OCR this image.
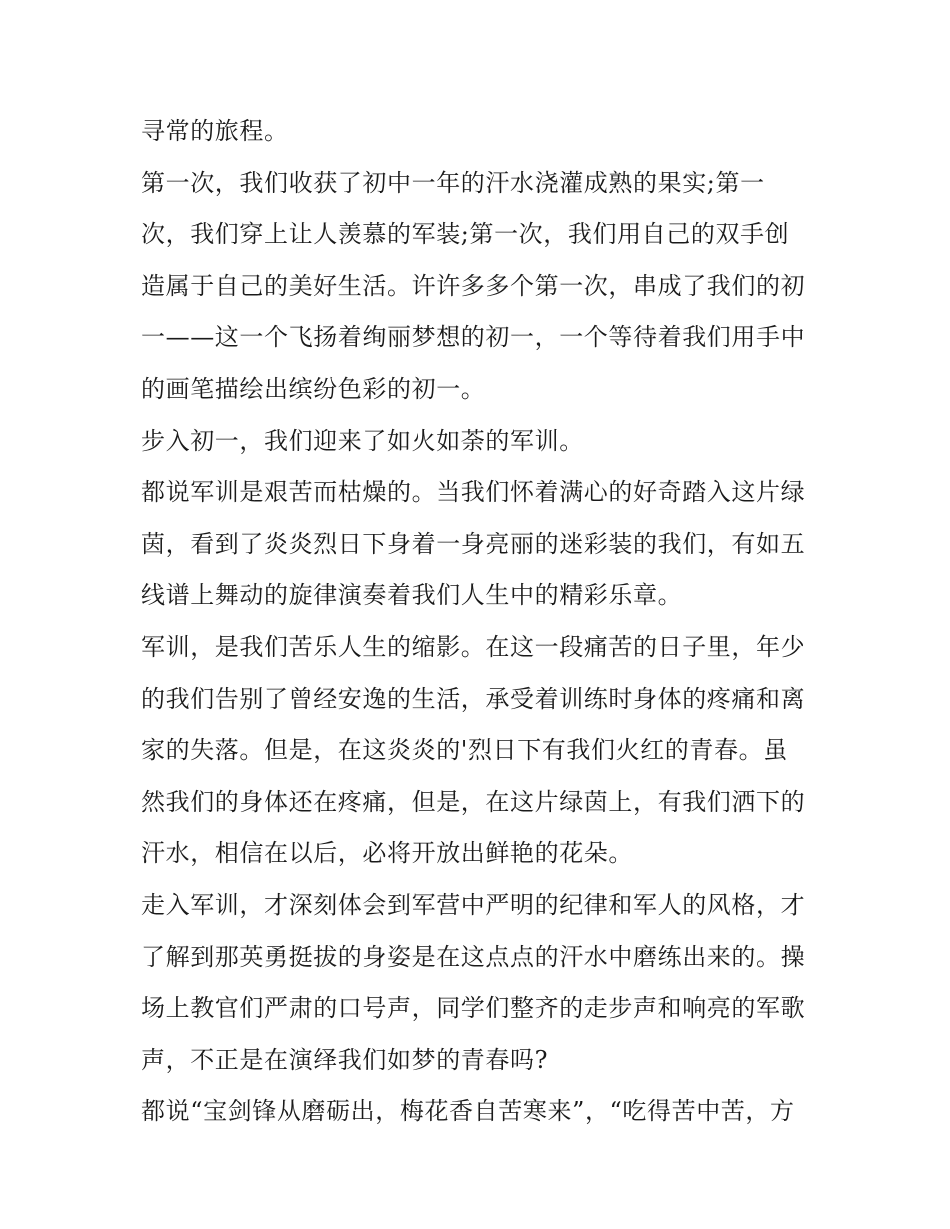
寻常的旅程。
第一次，我们收获了初中一年的汗水浇灌成熟的果实;第一
次，我们穿上让人羡慕的军装;第一次，我们用自己的双手创
造属于自己的美好生活。许许多多个第一次，串成了我们的初
一——这一个飞扬着绚丽梦想的初一，一个等待着我们用手中
的画笔描绘出缤纷色彩的初一。
步入初一，我们迎来了如火如荼的军训。
都说军训是艰苦而枯燥的。当我们怀着满心的好奇踏入这片绿
茵，看到了炎炎烈日下身着一身亮丽的迷彩装的我们，有如五
线谱上舞动的旋律演奏着我们人生中的精彩乐章。
军训，是我们苦乐人生的缩影。在这一段痛苦的日子里，年少
的我们告别了曾经安逸的生活，承受着训练时身体的疼痛和离
家的失落。但是，在这炎炎的'烈日下有我们火红的青春。虽
然我们的身体还在疼痛，但是，在这片绿茵上，有我们洒下的
汗水，相信在以后，必将开放出鲜艳的花朵。
走入军训，才深刻体会到军营中严明的纪律和军人的风格，才
了解到那英勇挺拔的身姿是在这点点的汗水中磨练出来的。操
场上教官们严肃的口号声，同学们整齐的走步声和响亮的军歌
声，不正是在演绎我们如梦的青春吗?
都说“宝剑锋从磨砺出，梅花香自苦寒来”，“吃得苦中苦，方
